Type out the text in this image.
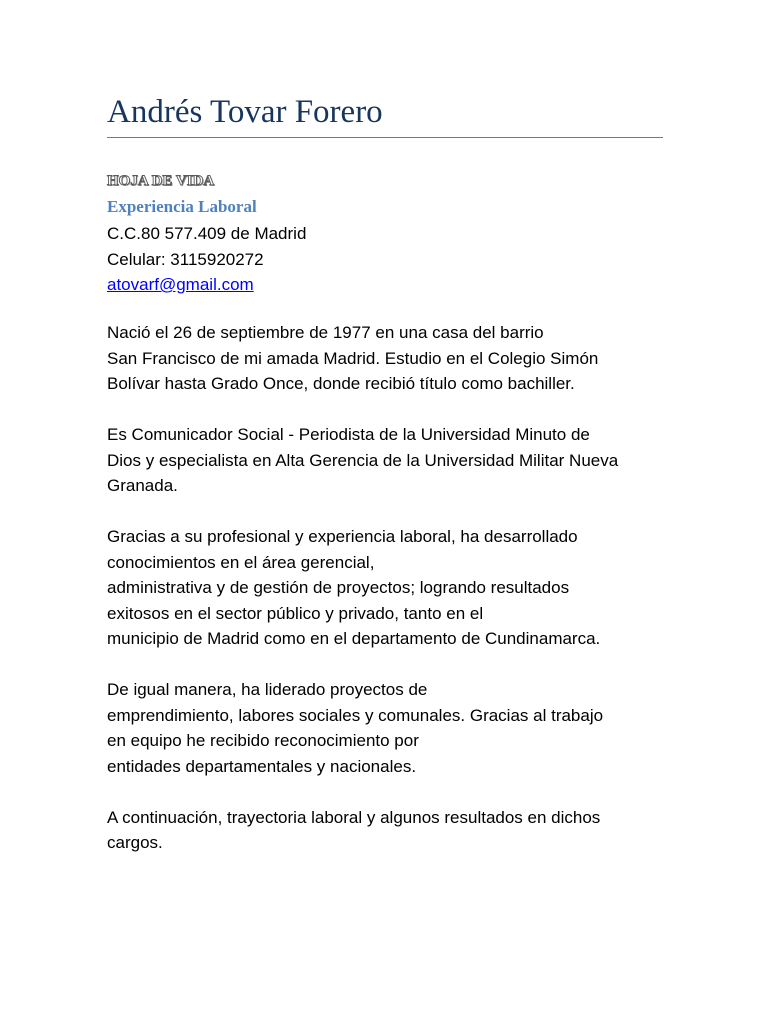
Andrés Tovar Forero
HOJA DE VIDA
Experiencia Laboral
C.C.80 577.409 de Madrid
Celular: 3115920272
atovarf@gmail.com

Nació el 26 de septiembre de 1977 en una casa del barrio
San Francisco de mi amada Madrid. Estudio en el Colegio Simón
Bolívar hasta Grado Once, donde recibió título como bachiller.

Es Comunicador Social - Periodista de la Universidad Minuto de
Dios y especialista en Alta Gerencia de la Universidad Militar Nueva
Granada.

Gracias a su profesional y experiencia laboral, ha desarrollado
conocimientos en el área gerencial,
administrativa y de gestión de proyectos; logrando resultados
exitosos en el sector público y privado, tanto en el
municipio de Madrid como en el departamento de Cundinamarca.

De igual manera, ha liderado proyectos de
emprendimiento, labores sociales y comunales. Gracias al trabajo
en equipo he recibido reconocimiento por
entidades departamentales y nacionales.

A continuación, trayectoria laboral y algunos resultados en dichos
cargos.
